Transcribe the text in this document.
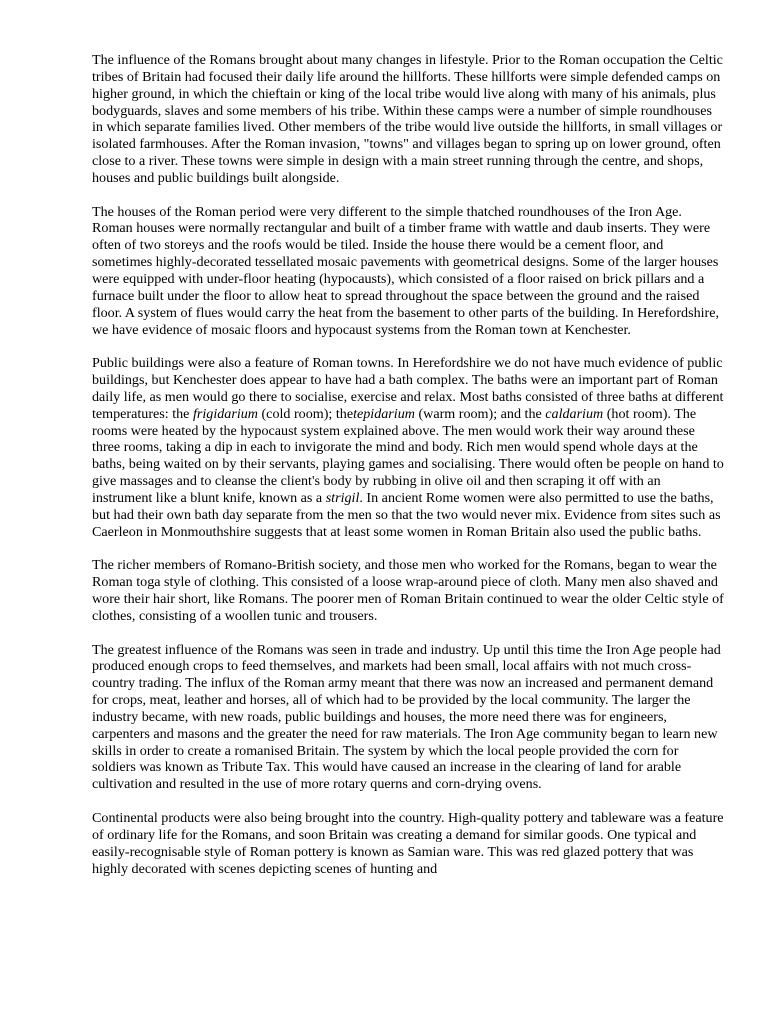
The influence of the Romans brought about many changes in lifestyle. Prior to the Roman occupation the Celtic tribes of Britain had focused their daily life around the hillforts. These hillforts were simple defended camps on higher ground, in which the chieftain or king of the local tribe would live along with many of his animals, plus bodyguards, slaves and some members of his tribe. Within these camps were a number of simple roundhouses in which separate families lived. Other members of the tribe would live outside the hillforts, in small villages or isolated farmhouses. After the Roman invasion, "towns" and villages began to spring up on lower ground, often close to a river. These towns were simple in design with a main street running through the centre, and shops, houses and public buildings built alongside.

The houses of the Roman period were very different to the simple thatched roundhouses of the Iron Age. Roman houses were normally rectangular and built of a timber frame with wattle and daub inserts. They were often of two storeys and the roofs would be tiled. Inside the house there would be a cement floor, and sometimes highly-decorated tessellated mosaic pavements with geometrical designs. Some of the larger houses were equipped with under-floor heating (hypocausts), which consisted of a floor raised on brick pillars and a furnace built under the floor to allow heat to spread throughout the space between the ground and the raised floor. A system of flues would carry the heat from the basement to other parts of the building. In Herefordshire, we have evidence of mosaic floors and hypocaust systems from the Roman town at Kenchester.

Public buildings were also a feature of Roman towns. In Herefordshire we do not have much evidence of public buildings, but Kenchester does appear to have had a bath complex. The baths were an important part of Roman daily life, as men would go there to socialise, exercise and relax. Most baths consisted of three baths at different temperatures: the frigidarium (cold room); thetepidarium (warm room); and the caldarium (hot room). The rooms were heated by the hypocaust system explained above. The men would work their way around these three rooms, taking a dip in each to invigorate the mind and body. Rich men would spend whole days at the baths, being waited on by their servants, playing games and socialising. There would often be people on hand to give massages and to cleanse the client's body by rubbing in olive oil and then scraping it off with an instrument like a blunt knife, known as a strigil. In ancient Rome women were also permitted to use the baths, but had their own bath day separate from the men so that the two would never mix. Evidence from sites such as Caerleon in Monmouthshire suggests that at least some women in Roman Britain also used the public baths.

The richer members of Romano-British society, and those men who worked for the Romans, began to wear the Roman toga style of clothing. This consisted of a loose wrap-around piece of cloth. Many men also shaved and wore their hair short, like Romans. The poorer men of Roman Britain continued to wear the older Celtic style of clothes, consisting of a woollen tunic and trousers.

The greatest influence of the Romans was seen in trade and industry. Up until this time the Iron Age people had produced enough crops to feed themselves, and markets had been small, local affairs with not much cross-country trading. The influx of the Roman army meant that there was now an increased and permanent demand for crops, meat, leather and horses, all of which had to be provided by the local community. The larger the industry became, with new roads, public buildings and houses, the more need there was for engineers, carpenters and masons and the greater the need for raw materials. The Iron Age community began to learn new skills in order to create a romanised Britain. The system by which the local people provided the corn for soldiers was known as Tribute Tax. This would have caused an increase in the clearing of land for arable cultivation and resulted in the use of more rotary querns and corn-drying ovens.

Continental products were also being brought into the country. High-quality pottery and tableware was a feature of ordinary life for the Romans, and soon Britain was creating a demand for similar goods. One typical and easily-recognisable style of Roman pottery is known as Samian ware. This was red glazed pottery that was highly decorated with scenes depicting scenes of hunting and
